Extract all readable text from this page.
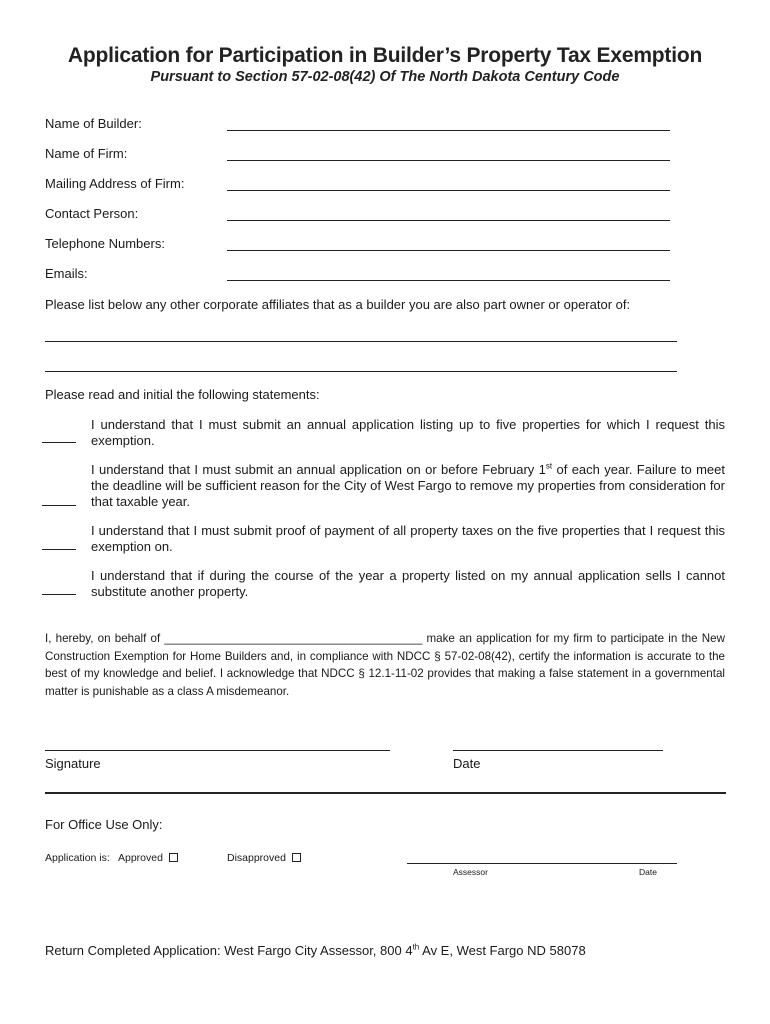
Application for Participation in Builder’s Property Tax Exemption
Pursuant to Section 57-02-08(42) Of The North Dakota Century Code
Name of Builder:
Name of Firm:
Mailing Address of Firm:
Contact Person:
Telephone Numbers:
Emails:
Please list below any other corporate affiliates that as a builder you are also part owner or operator of:
Please read and initial the following statements:
I understand that I must submit an annual application listing up to five properties for which I request this exemption.
I understand that I must submit an annual application on or before February 1st of each year. Failure to meet the deadline will be sufficient reason for the City of West Fargo to remove my properties from consideration for that taxable year.
I understand that I must submit proof of payment of all property taxes on the five properties that I request this exemption on.
I understand that if during the course of the year a property listed on my annual application sells I cannot substitute another property.
I, hereby, on behalf of ________________________________________ make an application for my firm to participate in the New Construction Exemption for Home Builders and, in compliance with NDCC § 57-02-08(42), certify the information is accurate to the best of my knowledge and belief. I acknowledge that NDCC § 12.1-11-02 provides that making a false statement in a governmental matter is punishable as a class A misdemeanor.
Signature	Date
For Office Use Only:
Application is: Approved	Disapproved
Assessor	Date
Return Completed Application: West Fargo City Assessor, 800 4th Av E, West Fargo ND 58078
